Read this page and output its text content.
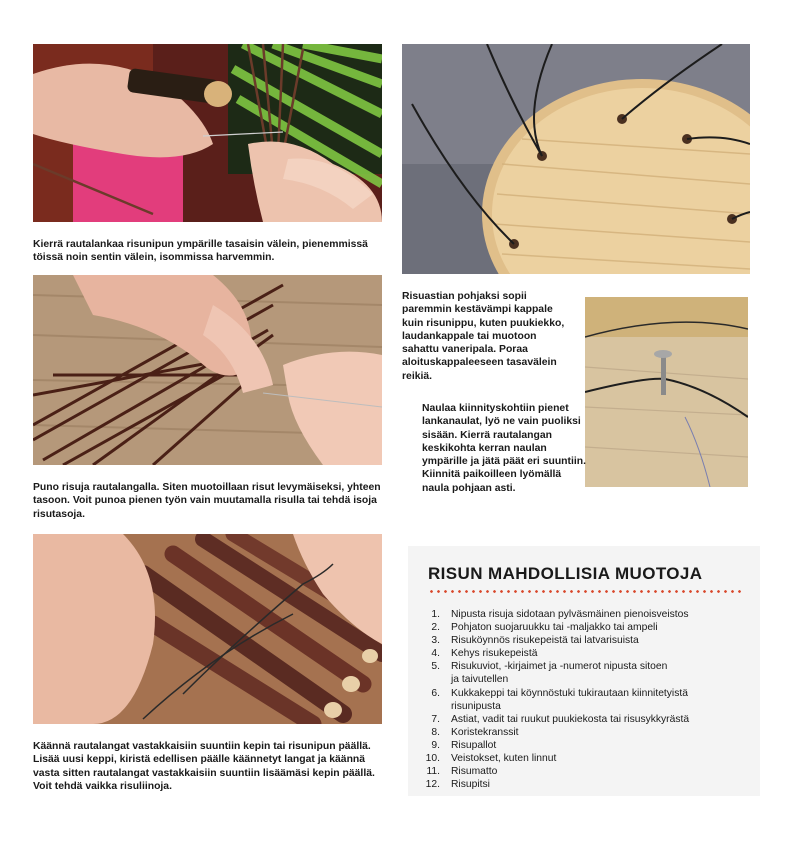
Kierrä rautalankaa risunipun ympärille tasaisin välein, pienemmissä
töissä noin sentin välein, isommissa harvemmin.

Puno risuja rautalangalla. Siten muotoillaan risut levymäiseksi, yhteen
tasoon. Voit punoa pienen työn vain muutamalla risulla tai tehdä isoja
risutasoja.

Käännä rautalangat vastakkaisiin suuntiin kepin tai risunipun päällä.
Lisää uusi keppi, kiristä edellisen päälle käännetyt langat ja käännä
vasta sitten rautalangat vastakkaisiin suuntiin lisäämäsi kepin päällä.
Voit tehdä vaikka risuliinoja.

Risuastian pohjaksi sopii
paremmin kestävämpi kappale
kuin risunippu, kuten puukiekko,
laudankappale tai muotoon
sahattu vaneripala. Poraa
aloituskappaleeseen tasavälein
reikiä.

Naulaa kiinnityskohtiin pienet
lankanaulat, lyö ne vain puoliksi
sisään. Kierrä rautalangan
keskikohta kerran naulan
ympärille ja jätä päät eri suuntiin.
Kiinnitä paikoilleen lyömällä
naula pohjaan asti.

RISUN MAHDOLLISIA MUOTOJA
1. Nipusta risuja sidotaan pylväsmäinen pienoisveistos
2. Pohjaton suojaruukku tai -maljakko tai ampeli
3. Risuköynnös risukepeistä tai latvarisuista
4. Kehys risukepeistä
5. Risukuviot, -kirjaimet ja -numerot nipusta sitoen
ja taivutellen
6. Kukkakeppi tai köynnöstuki tukirautaan kiinnitetyistä
risunipusta
7. Astiat, vadit tai ruukut puukiekosta tai risusykkyrästä
8. Koristekranssit
9. Risupallot
10. Veistokset, kuten linnut
11. Risumatto
12. Risupitsi
